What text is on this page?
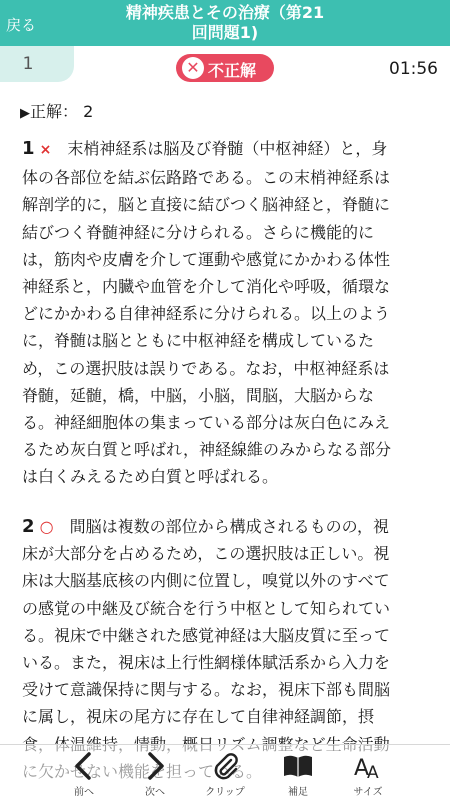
戻る
精神疾患とその治療（第21
回問題1)
1	✕ 不正解	01:56
▶正解： 2
1 ×　末梢神経系は脳及び脊髄（中枢神経）と，身
体の各部位を結ぶ伝路路である。この末梢神経系は
解剖学的に，脳と直接に結びつく脳神経と，脊髄に
結びつく脊髄神経に分けられる。さらに機能的に
は，筋肉や皮膚を介して運動や感覚にかかわる体性
神経系と，内臓や血管を介して消化や呼吸，循環な
どにかかわる自律神経系に分けられる。以上のよう
に，脊髄は脳とともに中枢神経を構成しているた
め，この選択肢は誤りである。なお，中枢神経系は
脊髄，延髄，橋，中脳，小脳，間脳，大脳からな
る。神経細胞体の集まっている部分は灰白色にみえ
るため灰白質と呼ばれ，神経線維のみからなる部分
は白くみえるため白質と呼ばれる。
2 ○　間脳は複数の部位から構成されるものの，視
床が大部分を占めるため，この選択肢は正しい。視
床は大脳基底核の内側に位置し，嗅覚以外のすべて
の感覚の中継及び統合を行う中枢として知られてい
る。視床で中継された感覚神経は大脳皮質に至って
いる。また，視床は上行性網様体賦活系から入力を
受けて意識保持に関与する。なお，視床下部も間脳
に属し，視床の尾方に存在して自律神経調節，摂
前へ	次へ	クリップ	補足
A
A
サイズ
